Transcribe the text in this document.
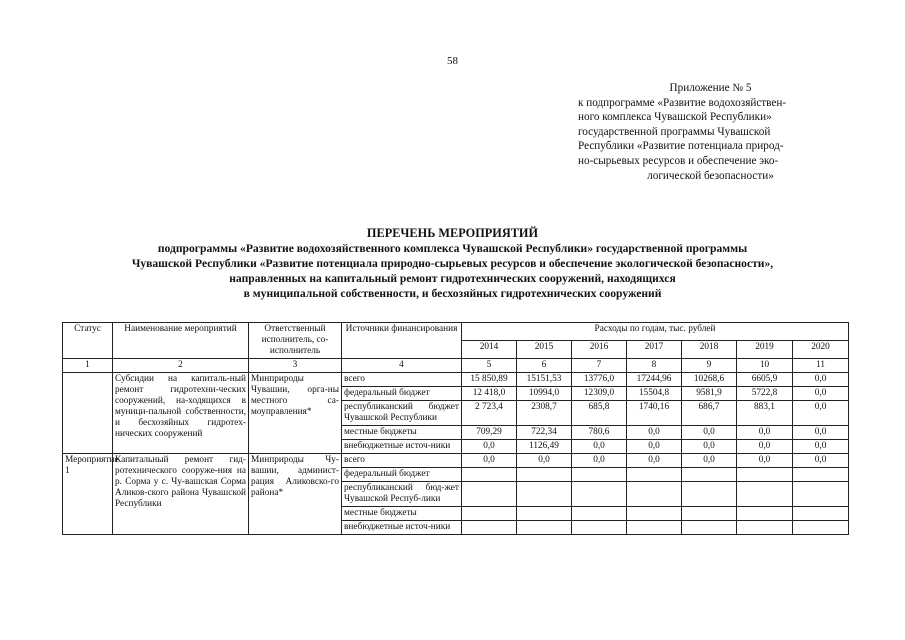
58
Приложение № 5
к подпрограмме «Развитие водохозяйствен-
ного комплекса Чувашской Республики»
государственной программы Чувашской
Республики «Развитие потенциала природ-
но-сырьевых ресурсов и обеспечение эко-
логической безопасности»
ПЕРЕЧЕНЬ МЕРОПРИЯТИЙ
подпрограммы «Развитие водохозяйственного комплекса Чувашской Республики» государственной программы
Чувашской Республики «Развитие потенциала природно-сырьевых ресурсов и обеспечение экологической безопасности»,
направленных на капитальный ремонт гидротехнических сооружений, находящихся
в муниципальной собственности, и бесхозяйных гидротехнических сооружений
Статус	Наименование мероприятий	Ответственный исполнитель, со-исполнитель	Источники финансирования	Расходы по годам, тыс. рублей						
				2014	2015	2016	2017	2018	2019	2020
1	2	3	4	5	6	7	8	9	10	11
	Субсидии на капиталь-ный ремонт гидротехни-ческих сооружений, на-ходящихся в муници-пальной собственности, и бесхозяйных гидротех-нических сооружений	Минприроды Чувашии, орга-ны местного са-моуправления*	всего	15 850,89	15151,53	13776,0	17244,96	10268,6	6605,9	0,0
			федеральный бюджет	12 418,0	10994,0	12309,0	15504,8	9581,9	5722,8	0,0
			республиканский бюджет Чувашской Республики	2 723,4	2308,7	685,8	1740,16	686,7	883,1	0,0
			местные бюджеты	709,29	722,34	780,6	0,0	0,0	0,0	0,0
			внебюджетные источ-ники	0,0	1126,49	0,0	0,0	0,0	0,0	0,0
Мероприятие 1	Капитальный ремонт гид-ротехнического сооруже-ния на р. Сорма у с. Чу-вашская Сорма Аликов-ского района Чувашской Республики	Минприроды Чу-вашии, админист-рация Аликовско-го района*	всего	0,0	0,0	0,0	0,0	0,0	0,0	0,0
			федеральный бюджет							
			республиканский бюд-жет Чувашской Респуб-лики							
			местные бюджеты							
			внебюджетные источ-ники							
